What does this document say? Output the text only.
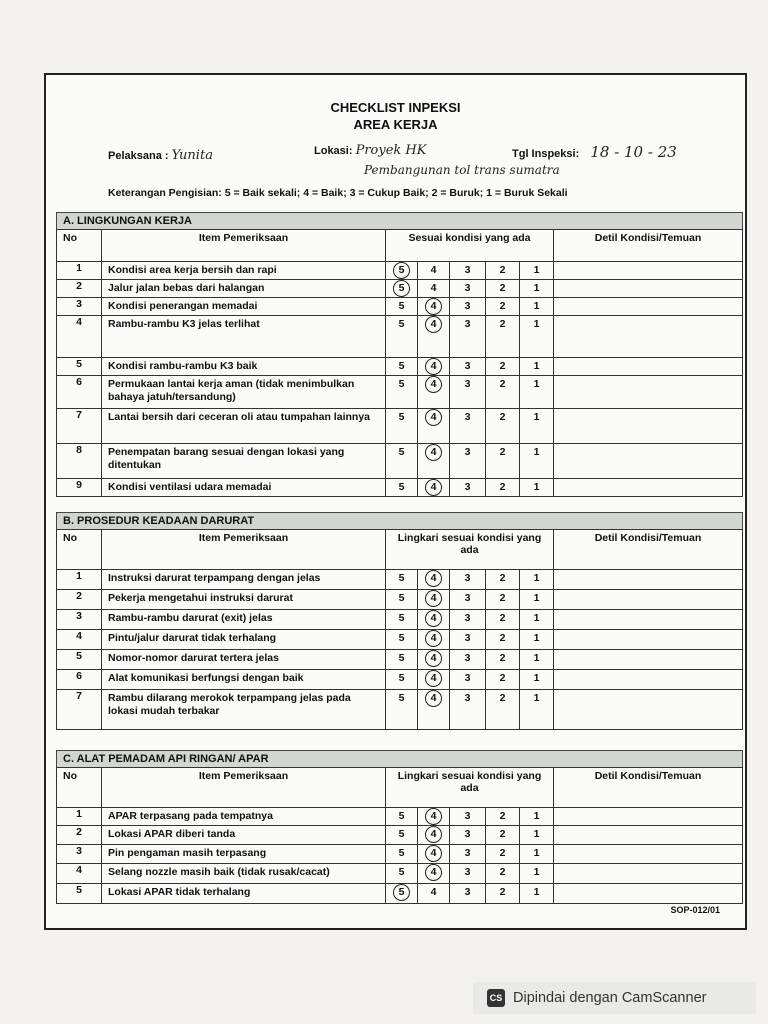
CHECKLIST INPEKSI
AREA KERJA
Pelaksana : Yunita	Lokasi: Proyek HK
Pembangunan tol trans sumatra
Tgl Inspeksi: 18 - 10 - 23
Keterangan Pengisian: 5 = Baik sekali; 4 = Baik; 3 = Cukup Baik; 2 = Buruk; 1 = Buruk Sekali
A. LINGKUNGAN KERJA
No	Item Pemeriksaan	Sesuai kondisi yang ada					Detil Kondisi/Temuan
1	Kondisi area kerja bersih dan rapi	5	4	3	2	1	
2	Jalur jalan bebas dari halangan	5	4	3	2	1	
3	Kondisi penerangan memadai	5	4	3	2	1	
4	Rambu-rambu K3 jelas terlihat	5	4	3	2	1	
5	Kondisi rambu-rambu K3 baik	5	4	3	2	1	
6	Permukaan lantai kerja aman (tidak menimbulkan bahaya jatuh/tersandung)	5	4	3	2	1	
7	Lantai bersih dari ceceran oli atau tumpahan lainnya	5	4	3	2	1	
8	Penempatan barang sesuai dengan lokasi yang ditentukan	5	4	3	2	1	
9	Kondisi ventilasi udara memadai	5	4	3	2	1	
B. PROSEDUR KEADAAN DARURAT
No	Item Pemeriksaan	Lingkari sesuai kondisi yang ada					Detil Kondisi/Temuan
1	Instruksi darurat terpampang dengan jelas	5	4	3	2	1	
2	Pekerja mengetahui instruksi darurat	5	4	3	2	1	
3	Rambu-rambu darurat (exit) jelas	5	4	3	2	1	
4	Pintu/jalur darurat tidak terhalang	5	4	3	2	1	
5	Nomor-nomor darurat tertera jelas	5	4	3	2	1	
6	Alat komunikasi berfungsi dengan baik	5	4	3	2	1	
7	Rambu dilarang merokok terpampang jelas pada lokasi mudah terbakar	5	4	3	2	1	
C. ALAT PEMADAM API RINGAN/ APAR
No	Item Pemeriksaan	Lingkari sesuai kondisi yang ada					Detil Kondisi/Temuan
1	APAR terpasang pada tempatnya	5	4	3	2	1	
2	Lokasi APAR diberi tanda	5	4	3	2	1	
3	Pin pengaman masih terpasang	5	4	3	2	1	
4	Selang nozzle masih baik (tidak rusak/cacat)	5	4	3	2	1	
5	Lokasi APAR tidak terhalang	5	4	3	2	1	
SOP-012/01
CS Dipindai dengan CamScanner
